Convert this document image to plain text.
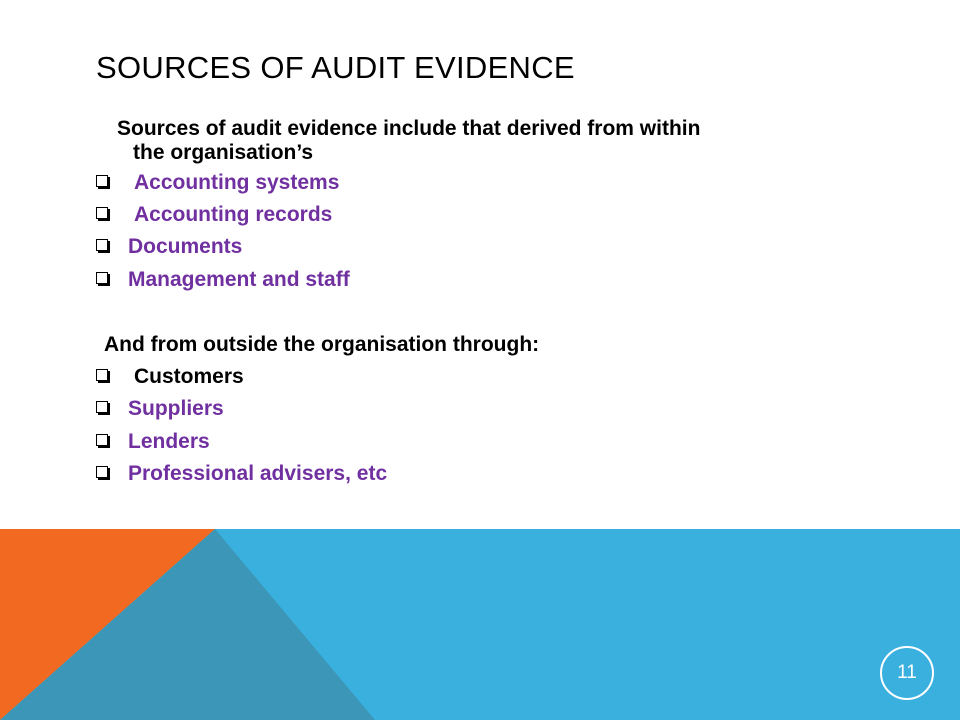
SOURCES OF AUDIT EVIDENCE
Sources of audit evidence include that derived from within
the organisation’s
Accounting systems
Accounting records
Documents
Management and staff
And from outside the organisation through:
Customers
Suppliers
Lenders
Professional advisers, etc
11
